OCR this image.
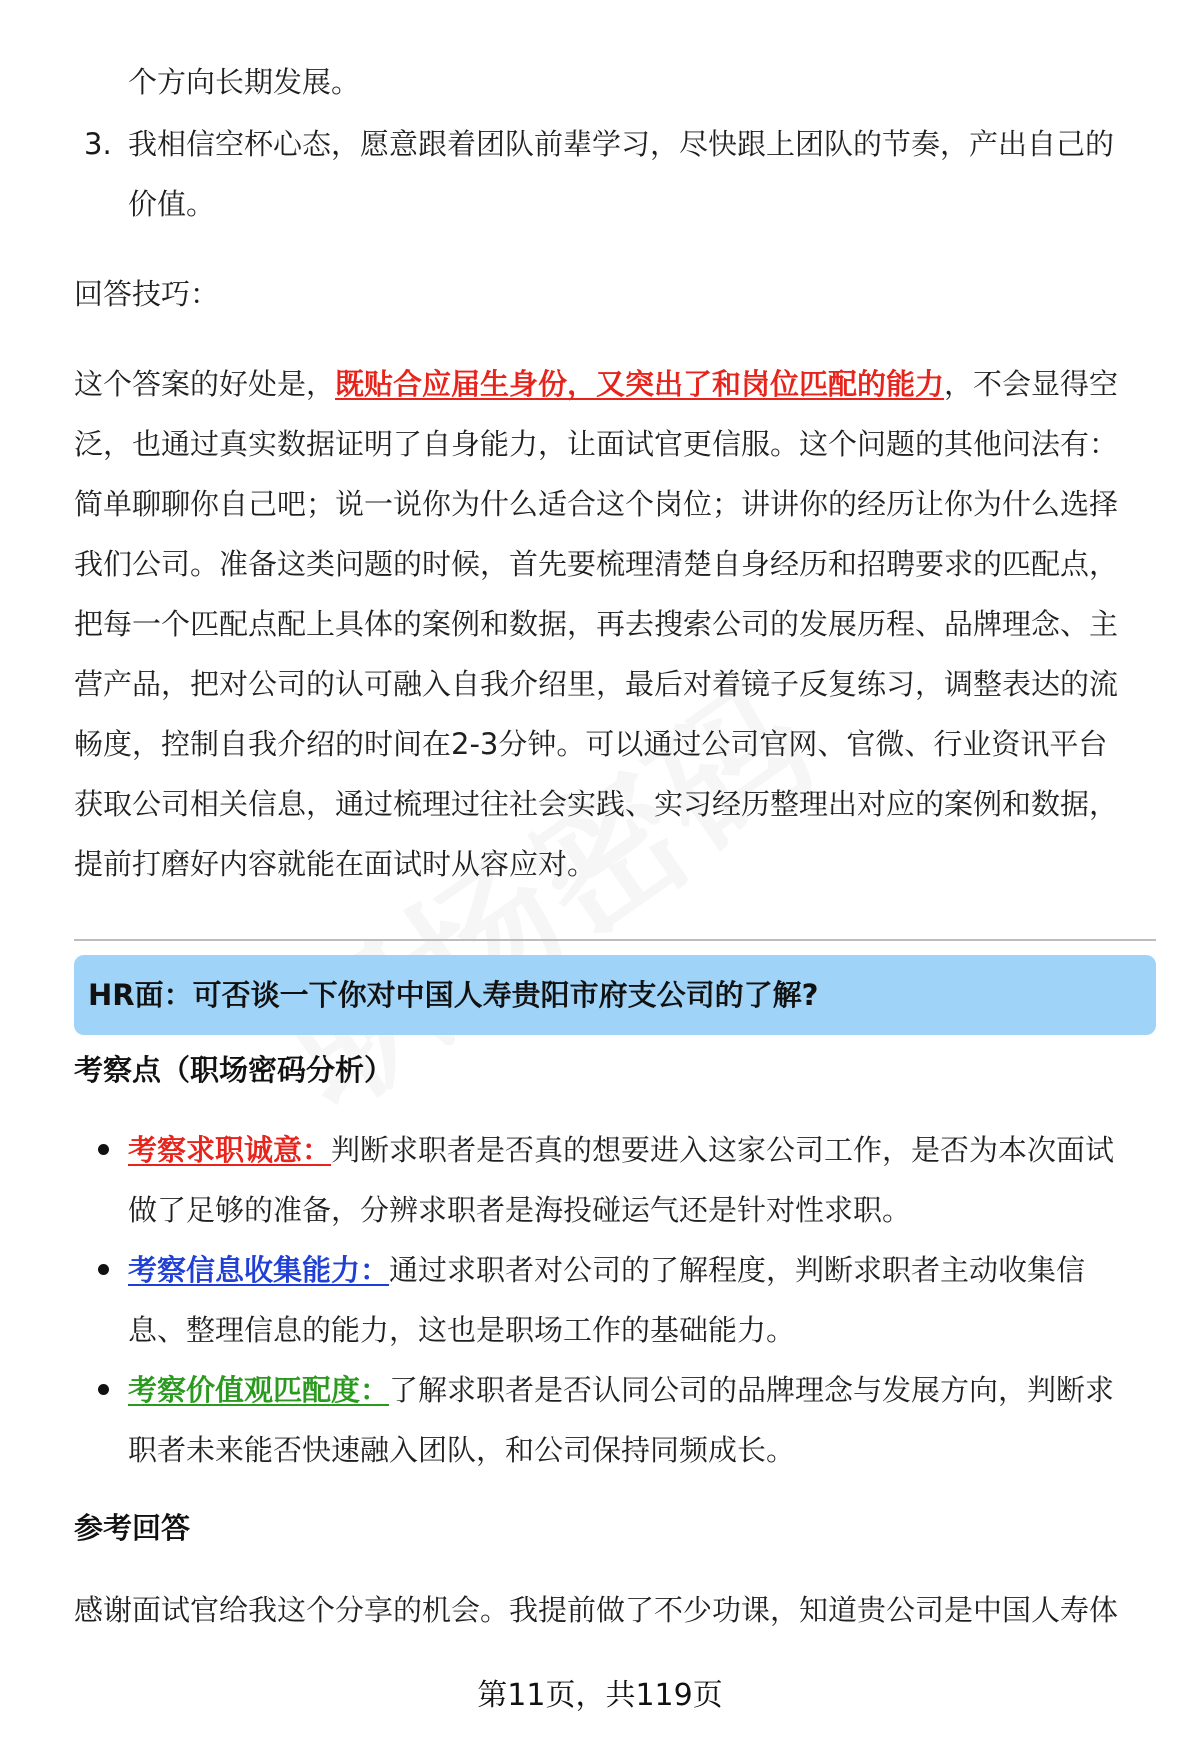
个方向长期发展。
3. 我相信空杯心态，愿意跟着团队前辈学习，尽快跟上团队的节奏，产出自己的
价值。
回答技巧：
这个答案的好处是，既贴合应届生身份，又突出了和岗位匹配的能力，不会显得空
泛，也通过真实数据证明了自身能力，让面试官更信服。这个问题的其他问法有：
简单聊聊你自己吧；说一说你为什么适合这个岗位；讲讲你的经历让你为什么选择
我们公司。准备这类问题的时候，首先要梳理清楚自身经历和招聘要求的匹配点，
把每一个匹配点配上具体的案例和数据，再去搜索公司的发展历程、品牌理念、主
营产品，把对公司的认可融入自我介绍里，最后对着镜子反复练习，调整表达的流
畅度，控制自我介绍的时间在2-3分钟。可以通过公司官网、官微、行业资讯平台
获取公司相关信息，通过梳理过往社会实践、实习经历整理出对应的案例和数据，
提前打磨好内容就能在面试时从容应对。
HR面：可否谈一下你对中国人寿贵阳市府支公司的了解?
考察点（职场密码分析）
考察求职诚意：判断求职者是否真的想要进入这家公司工作，是否为本次面试
做了足够的准备，分辨求职者是海投碰运气还是针对性求职。
考察信息收集能力：通过求职者对公司的了解程度，判断求职者主动收集信
息、整理信息的能力，这也是职场工作的基础能力。
考察价值观匹配度：了解求职者是否认同公司的品牌理念与发展方向，判断求
职者未来能否快速融入团队，和公司保持同频成长。
参考回答
感谢面试官给我这个分享的机会。我提前做了不少功课，知道贵公司是中国人寿体
第11页，共119页
